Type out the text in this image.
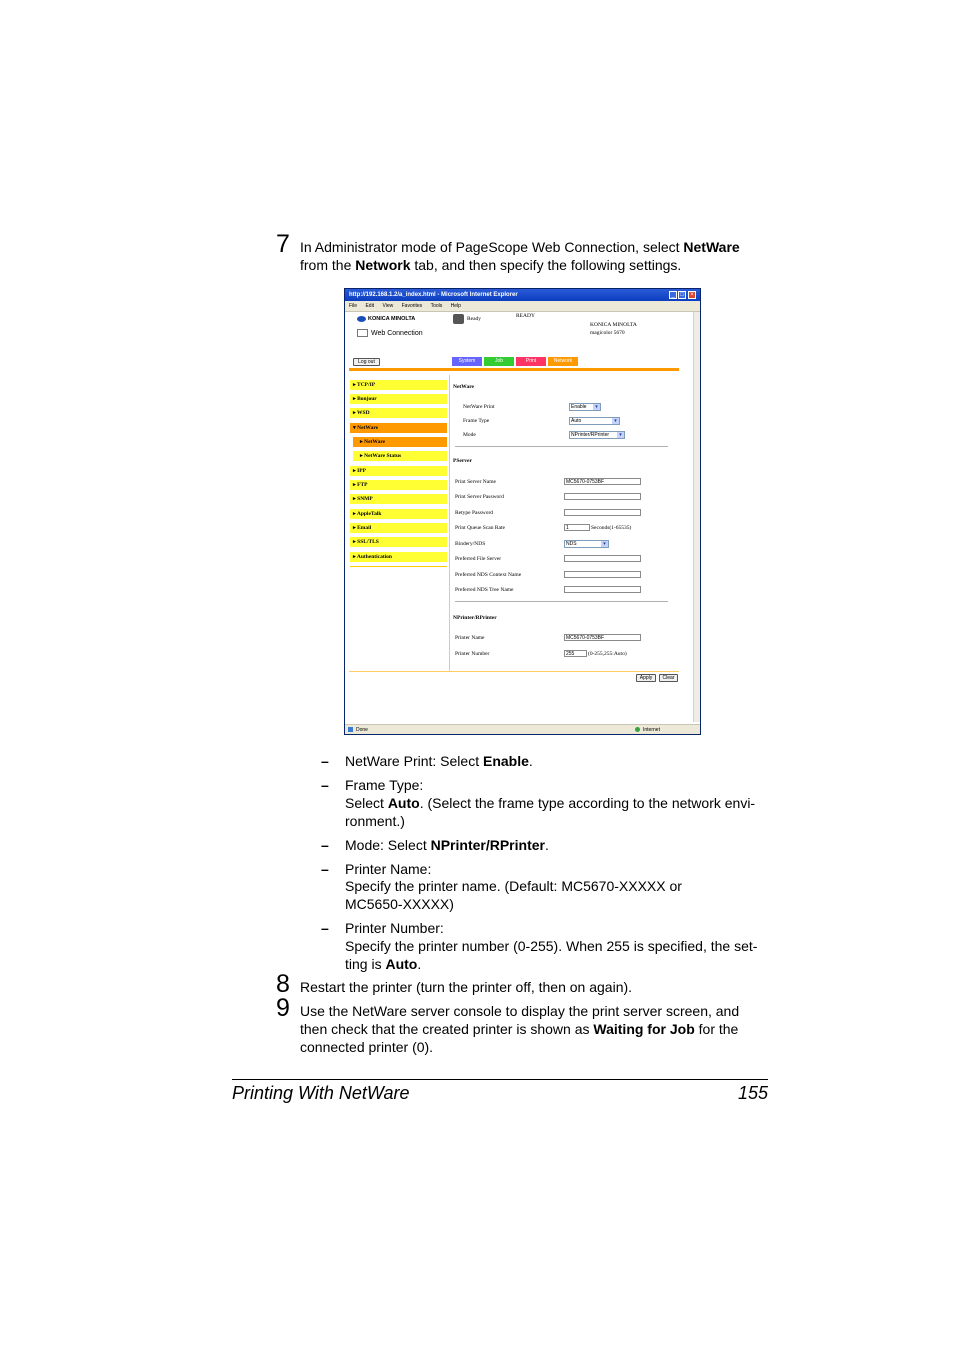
7 In Administrator mode of PageScope Web Connection, select NetWare
from the Network tab, and then specify the following settings.
http://192.168.1.2/a_index.html - Microsoft Internet Explorer	_ □	×
File Edit View Favorites Tools Help
KONICA MINOLTA
Web Connection
Ready	READY
KONICA MINOLTA
magicolor 5670
Log out	System	Job	Print	Network
▸ TCP/IP
▸ Bonjour
▸ WSD
▾ NetWare
▸ NetWare
▸ NetWare Status
▸ IPP
▸ FTP
▸ SNMP
▸ AppleTalk
▸ Email
▸ SSL/TLS
▸ Authentication
NetWare
NetWare Print	Enable	▾
Frame Type	Auto	▾
Mode	NPrinter/RPrinter	▾
PServer
Print Server Name	MC5670-0753BF
Print Server Password
Retype Password
Print Queue Scan Rate	1	Seconds(1-65535)
Bindery/NDS	NDS	▾
Preferred File Server
Preferred NDS Context Name
Preferred NDS Tree Name
NPrinter/RPrinter
Printer Name	MC5670-0753BF
Printer Number	255	(0-255,255:Auto)
Apply	Clear
Done	Internet
– NetWare Print: Select Enable.
– Frame Type:
Select Auto. (Select the frame type according to the network envi-
ronment.)
– Mode: Select NPrinter/RPrinter.
– Printer Name:
Specify the printer name. (Default: MC5670-XXXXX or
MC5650-XXXXX)
– Printer Number:
Specify the printer number (0-255). When 255 is specified, the set-
ting is Auto.
8 Restart the printer (turn the printer off, then on again).
9 Use the NetWare server console to display the print server screen, and
then check that the created printer is shown as Waiting for Job for the
connected printer (0).
Printing With NetWare	155
